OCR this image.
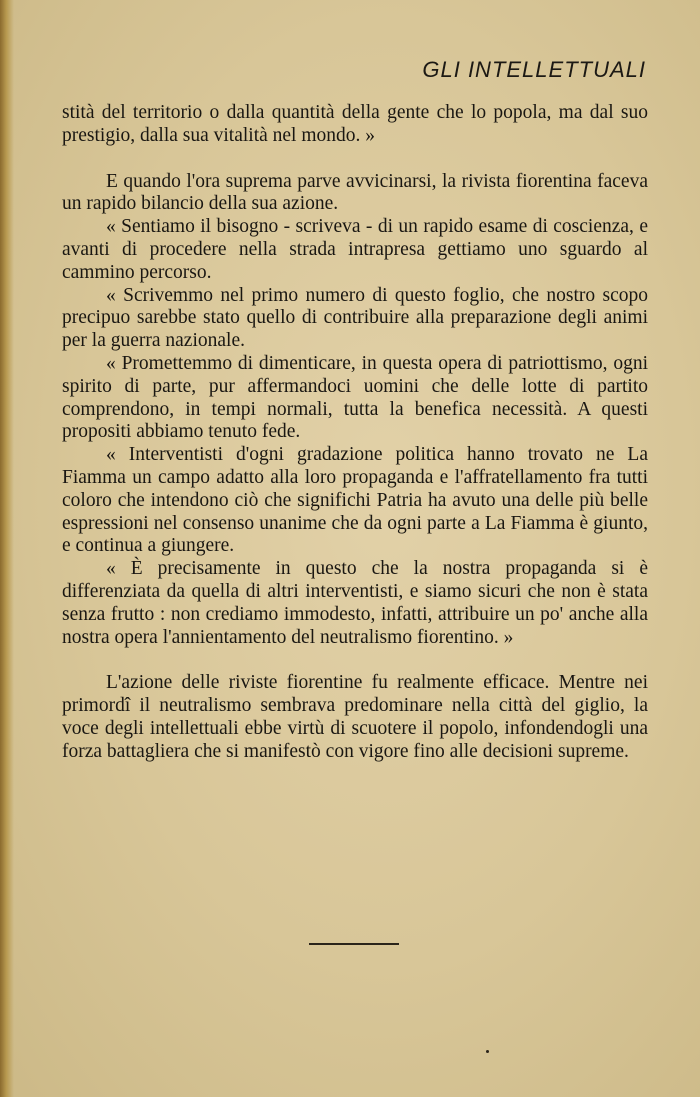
GLI INTELLETTUALI

stità del territorio o dalla quantità della gente che lo popola, ma dal suo prestigio, dalla sua vitalità nel mondo. »

E quando l'ora suprema parve avvicinarsi, la rivista fiorentina faceva un rapido bilancio della sua azione.

« Sentiamo il bisogno - scriveva - di un rapido esame di coscienza, e avanti di procedere nella strada intrapresa gettiamo uno sguardo al cammino percorso.

« Scrivemmo nel primo numero di questo foglio, che nostro scopo precipuo sarebbe stato quello di contribuire alla preparazione degli animi per la guerra nazionale.

« Promettemmo di dimenticare, in questa opera di patriottismo, ogni spirito di parte, pur affermandoci uomini che delle lotte di partito comprendono, in tempi normali, tutta la benefica necessità. A questi propositi abbiamo tenuto fede.

« Interventisti d'ogni gradazione politica hanno trovato ne La Fiamma un campo adatto alla loro propaganda e l'affratellamento fra tutti coloro che intendono ciò che significhi Patria ha avuto una delle più belle espressioni nel consenso unanime che da ogni parte a La Fiamma è giunto, e continua a giungere.

« È precisamente in questo che la nostra propaganda si è differenziata da quella di altri interventisti, e siamo sicuri che non è stata senza frutto : non crediamo immodesto, infatti, attribuire un po' anche alla nostra opera l'annientamento del neutralismo fiorentino. »

L'azione delle riviste fiorentine fu realmente efficace. Mentre nei primordî il neutralismo sembrava predominare nella città del giglio, la voce degli intellettuali ebbe virtù di scuotere il popolo, infondendogli una forza battagliera che si manifestò con vigore fino alle decisioni supreme.
